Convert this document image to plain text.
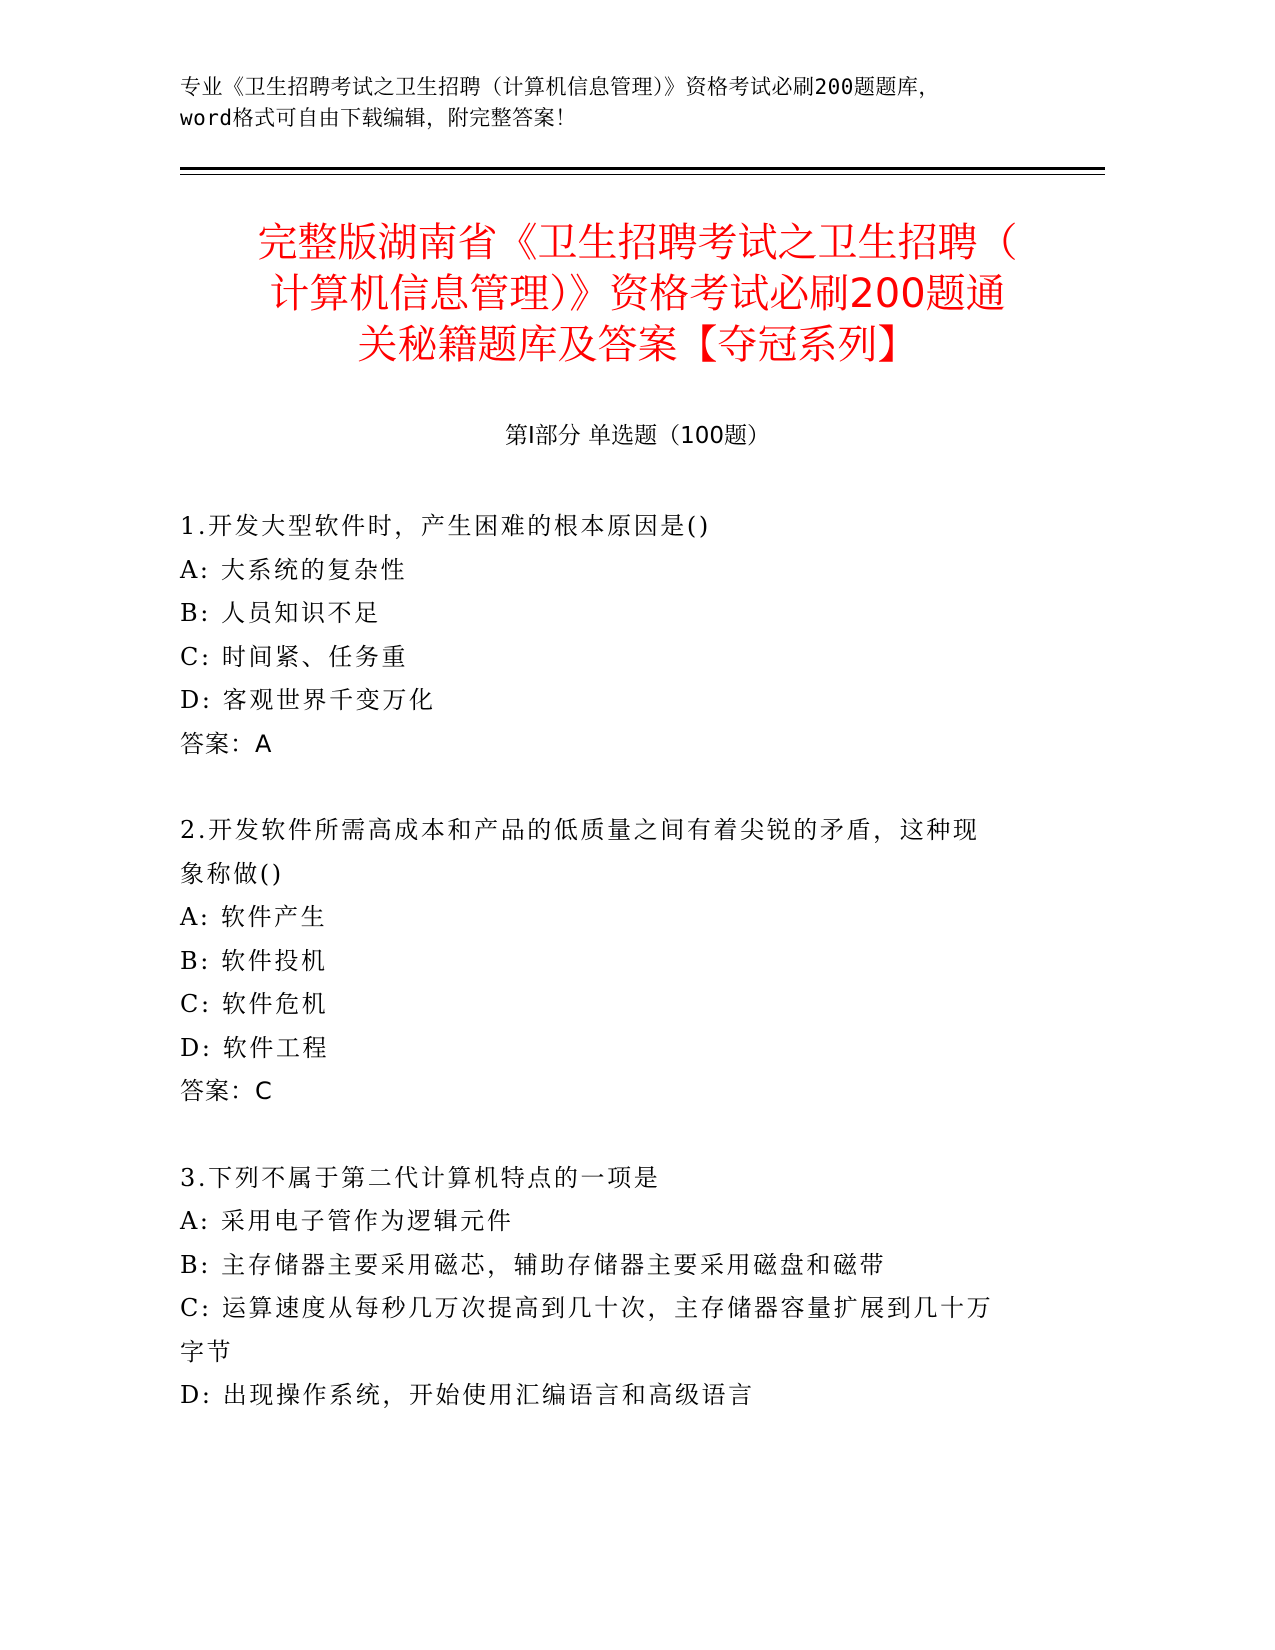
专业《卫生招聘考试之卫生招聘（计算机信息管理）》资格考试必刷200题题库，
word格式可自由下载编辑，附完整答案！
完整版湖南省《卫生招聘考试之卫生招聘（
计算机信息管理）》资格考试必刷200题通
关秘籍题库及答案【夺冠系列】
第Ⅰ部分 单选题（100题）
1.开发大型软件时，产生困难的根本原因是()
A: 大系统的复杂性
B: 人员知识不足
C: 时间紧、任务重
D: 客观世界千变万化
答案：A
2.开发软件所需高成本和产品的低质量之间有着尖锐的矛盾，这种现
象称做()
A: 软件产生
B: 软件投机
C: 软件危机
D: 软件工程
答案：C
3.下列不属于第二代计算机特点的一项是
A: 采用电子管作为逻辑元件
B: 主存储器主要采用磁芯，辅助存储器主要采用磁盘和磁带
C: 运算速度从每秒几万次提高到几十次，主存储器容量扩展到几十万
字节
D: 出现操作系统，开始使用汇编语言和高级语言
